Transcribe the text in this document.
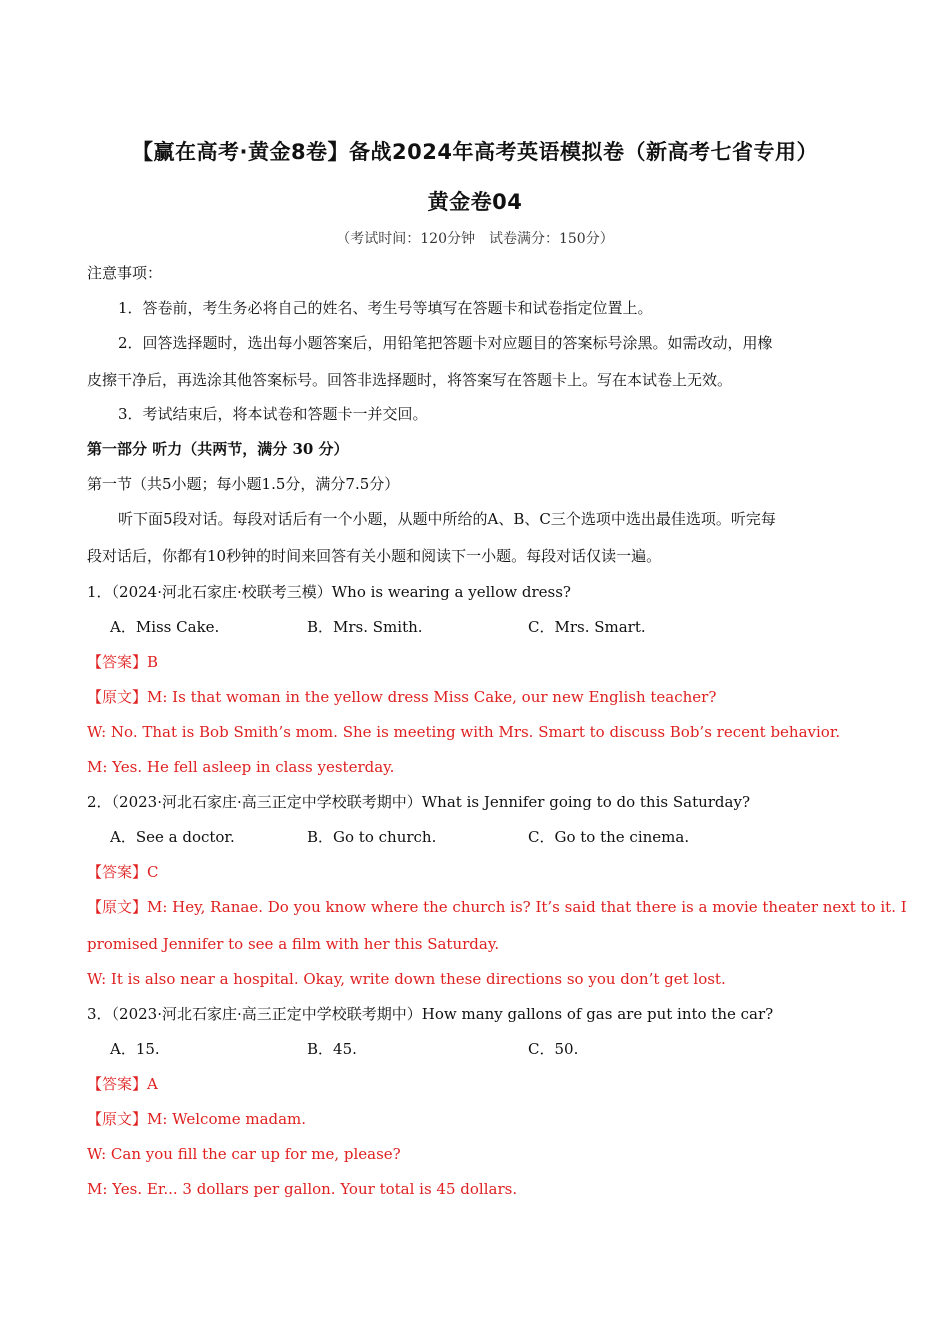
【赢在高考·黄金8卷】备战2024年高考英语模拟卷（新高考七省专用）
黄金卷04
（考试时间：120分钟　试卷满分：150分）
注意事项：
1．答卷前，考生务必将自己的姓名、考生号等填写在答题卡和试卷指定位置上。
2．回答选择题时，选出每小题答案后，用铅笔把答题卡对应题目的答案标号涂黑。如需改动，用橡
皮擦干净后，再选涂其他答案标号。回答非选择题时，将答案写在答题卡上。写在本试卷上无效。
3．考试结束后，将本试卷和答题卡一并交回。
第一部分 听力（共两节，满分 30 分）
第一节（共5小题；每小题1.5分，满分7.5分）
听下面5段对话。每段对话后有一个小题，从题中所给的A、B、C三个选项中选出最佳选项。听完每
段对话后，你都有10秒钟的时间来回答有关小题和阅读下一小题。每段对话仅读一遍。
1．（2024·河北石家庄·校联考三模）Who is wearing a yellow dress?
A．Miss Cake.	B．Mrs. Smith.	C．Mrs. Smart.
【答案】B
【原文】M: Is that woman in the yellow dress Miss Cake, our new English teacher?
W: No. That is Bob Smith’s mom. She is meeting with Mrs. Smart to discuss Bob’s recent behavior.
M: Yes. He fell asleep in class yesterday.
2．（2023·河北石家庄·高三正定中学校联考期中）What is Jennifer going to do this Saturday?
A．See a doctor.	B．Go to church.	C．Go to the cinema.
【答案】C
【原文】M: Hey, Ranae. Do you know where the church is? It’s said that there is a movie theater next to it. I
promised Jennifer to see a film with her this Saturday.
W: It is also near a hospital. Okay, write down these directions so you don’t get lost.
3．（2023·河北石家庄·高三正定中学校联考期中）How many gallons of gas are put into the car?
A．15.	B．45.	C．50.
【答案】A
【原文】M: Welcome madam.
W: Can you fill the car up for me, please?
M: Yes. Er... 3 dollars per gallon. Your total is 45 dollars.
